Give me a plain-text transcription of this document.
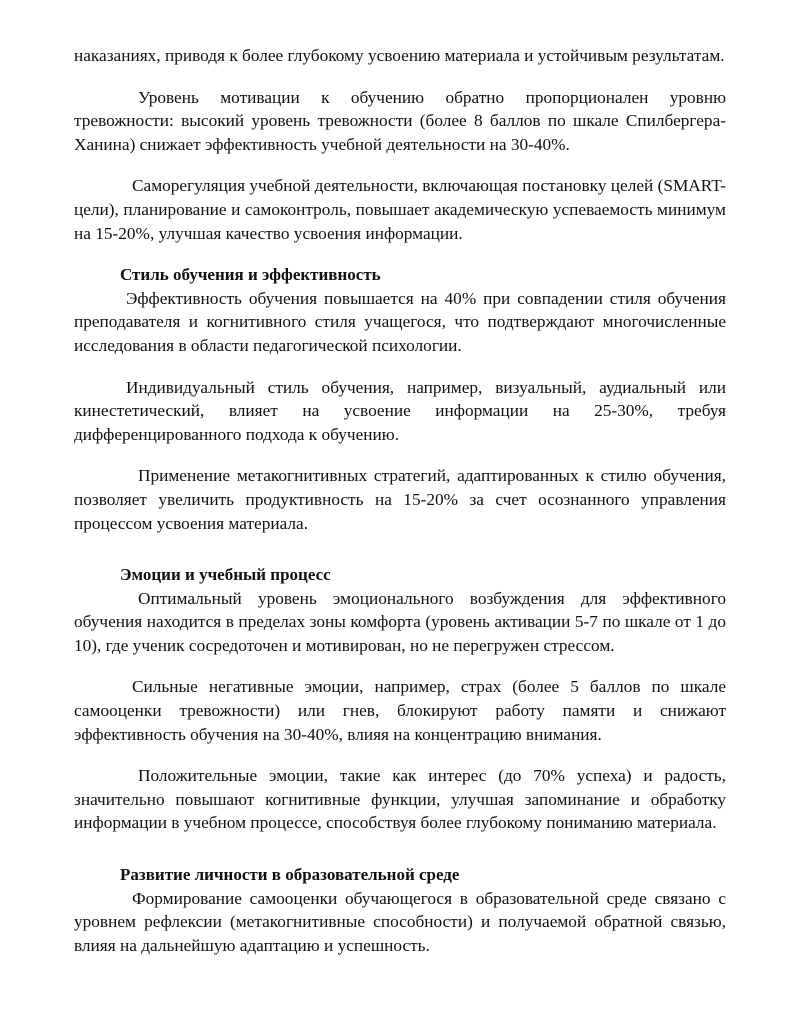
наказаниях, приводя к более глубокому усвоению материала и устойчивым результатам.

Уровень мотивации к обучению обратно пропорционален уровню тревожности: высокий уровень тревожности (более 8 баллов по шкале Спилбергера-Ханина) снижает эффективность учебной деятельности на 30-40%.

Саморегуляция учебной деятельности, включающая постановку целей (SMART-цели), планирование и самоконтроль, повышает академическую успеваемость минимум на 15-20%, улучшая качество усвоения информации.

Стиль обучения и эффективность

Эффективность обучения повышается на 40% при совпадении стиля обучения преподавателя и когнитивного стиля учащегося, что подтверждают многочисленные исследования в области педагогической психологии.

Индивидуальный стиль обучения, например, визуальный, аудиальный или кинестетический, влияет на усвоение информации на 25-30%, требуя дифференцированного подхода к обучению.

Применение метакогнитивных стратегий, адаптированных к стилю обучения, позволяет увеличить продуктивность на 15-20% за счет осознанного управления процессом усвоения материала.

Эмоции и учебный процесс

Оптимальный уровень эмоционального возбуждения для эффективного обучения находится в пределах зоны комфорта (уровень активации 5-7 по шкале от 1 до 10), где ученик сосредоточен и мотивирован, но не перегружен стрессом.

Сильные негативные эмоции, например, страх (более 5 баллов по шкале самооценки тревожности) или гнев, блокируют работу памяти и снижают эффективность обучения на 30-40%, влияя на концентрацию внимания.

Положительные эмоции, такие как интерес (до 70% успеха) и радость, значительно повышают когнитивные функции, улучшая запоминание и обработку информации в учебном процессе, способствуя более глубокому пониманию материала.

Развитие личности в образовательной среде

Формирование самооценки обучающегося в образовательной среде связано с уровнем рефлексии (метакогнитивные способности) и получаемой обратной связью, влияя на дальнейшую адаптацию и успешность.
